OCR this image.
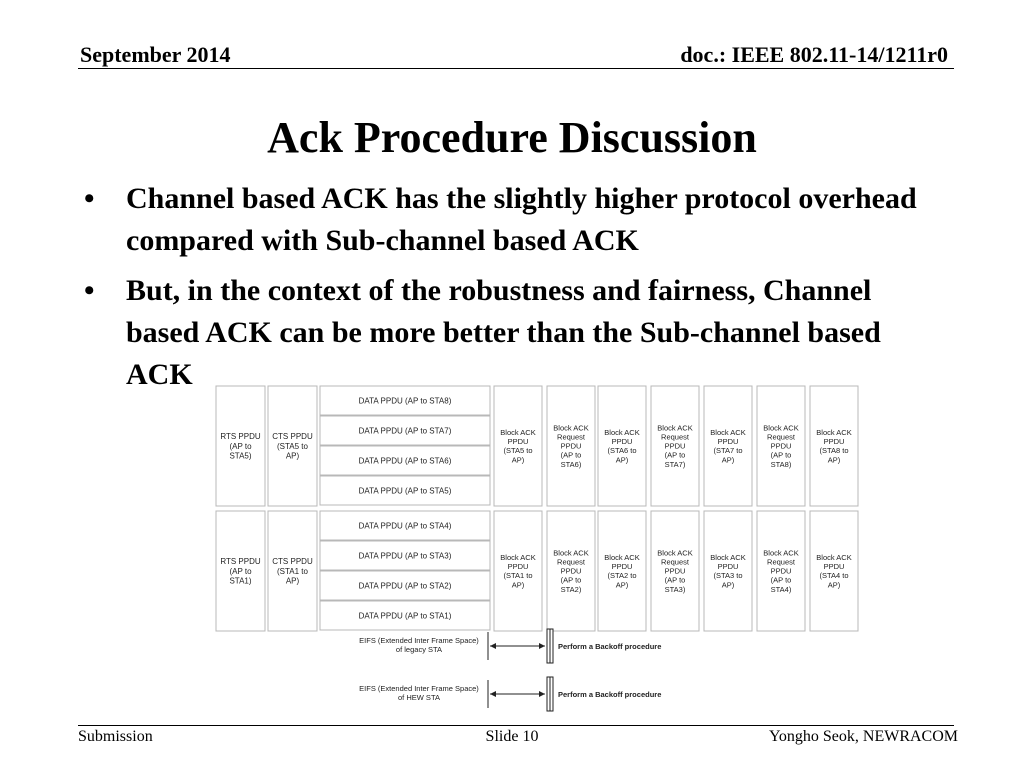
September 2014	doc.: IEEE 802.11-14/1211r0
Ack Procedure Discussion
• Channel based ACK has the slightly higher protocol overhead compared with Sub-channel based ACK
• But, in the context of the robustness and fairness, Channel based ACK can be more better than the Sub-channel based ACK
RTS PPDU (AP to STA5)
CTS PPDU (STA5 to AP)
DATA PPDU (AP to STA8)
DATA PPDU (AP to STA7)
DATA PPDU (AP to STA6)
DATA PPDU (AP to STA5)
Block ACK PPDU (STA5 to AP)
Block ACK Request PPDU (AP to STA6)
Block ACK PPDU (STA6 to AP)
Block ACK Request PPDU (AP to STA7)
Block ACK PPDU (STA7 to AP)
Block ACK Request PPDU (AP to STA8)
Block ACK PPDU (STA8 to AP)
RTS PPDU (AP to STA1)
CTS PPDU (STA1 to AP)
DATA PPDU (AP to STA4)
DATA PPDU (AP to STA3)
DATA PPDU (AP to STA2)
DATA PPDU (AP to STA1)
Block ACK PPDU (STA1 to AP)
Block ACK Request PPDU (AP to STA2)
Block ACK PPDU (STA2 to AP)
Block ACK Request PPDU (AP to STA3)
Block ACK PPDU (STA3 to AP)
Block ACK Request PPDU (AP to STA4)
Block ACK PPDU (STA4 to AP)
EIFS (Extended Inter Frame Space) of legacy STA	Perform a Backoff procedure
EIFS (Extended Inter Frame Space) of HEW STA	Perform a Backoff procedure
Submission	Slide 10	Yongho Seok, NEWRACOM
